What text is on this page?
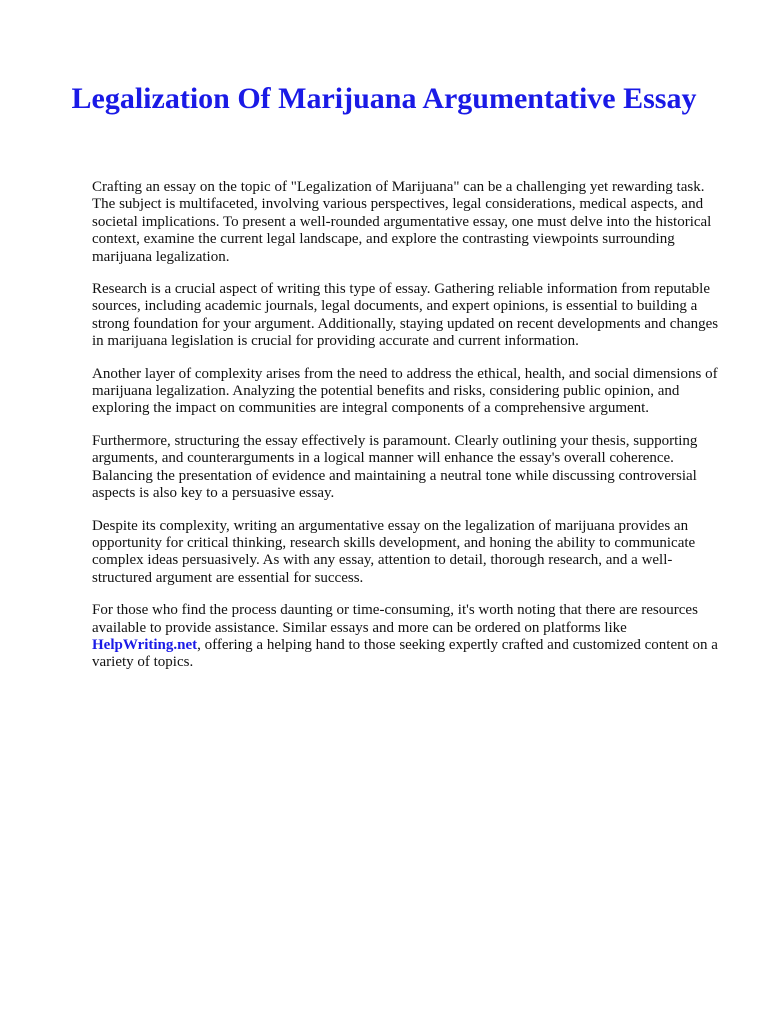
Legalization Of Marijuana Argumentative Essay

Crafting an essay on the topic of "Legalization of Marijuana" can be a challenging yet rewarding task. The subject is multifaceted, involving various perspectives, legal considerations, medical aspects, and societal implications. To present a well-rounded argumentative essay, one must delve into the historical context, examine the current legal landscape, and explore the contrasting viewpoints surrounding marijuana legalization.

Research is a crucial aspect of writing this type of essay. Gathering reliable information from reputable sources, including academic journals, legal documents, and expert opinions, is essential to building a strong foundation for your argument. Additionally, staying updated on recent developments and changes in marijuana legislation is crucial for providing accurate and current information.

Another layer of complexity arises from the need to address the ethical, health, and social dimensions of marijuana legalization. Analyzing the potential benefits and risks, considering public opinion, and exploring the impact on communities are integral components of a comprehensive argument.

Furthermore, structuring the essay effectively is paramount. Clearly outlining your thesis, supporting arguments, and counterarguments in a logical manner will enhance the essay's overall coherence. Balancing the presentation of evidence and maintaining a neutral tone while discussing controversial aspects is also key to a persuasive essay.

Despite its complexity, writing an argumentative essay on the legalization of marijuana provides an opportunity for critical thinking, research skills development, and honing the ability to communicate complex ideas persuasively. As with any essay, attention to detail, thorough research, and a well-structured argument are essential for success.

For those who find the process daunting or time-consuming, it's worth noting that there are resources available to provide assistance. Similar essays and more can be ordered on platforms like HelpWriting.net, offering a helping hand to those seeking expertly crafted and customized content on a variety of topics.
